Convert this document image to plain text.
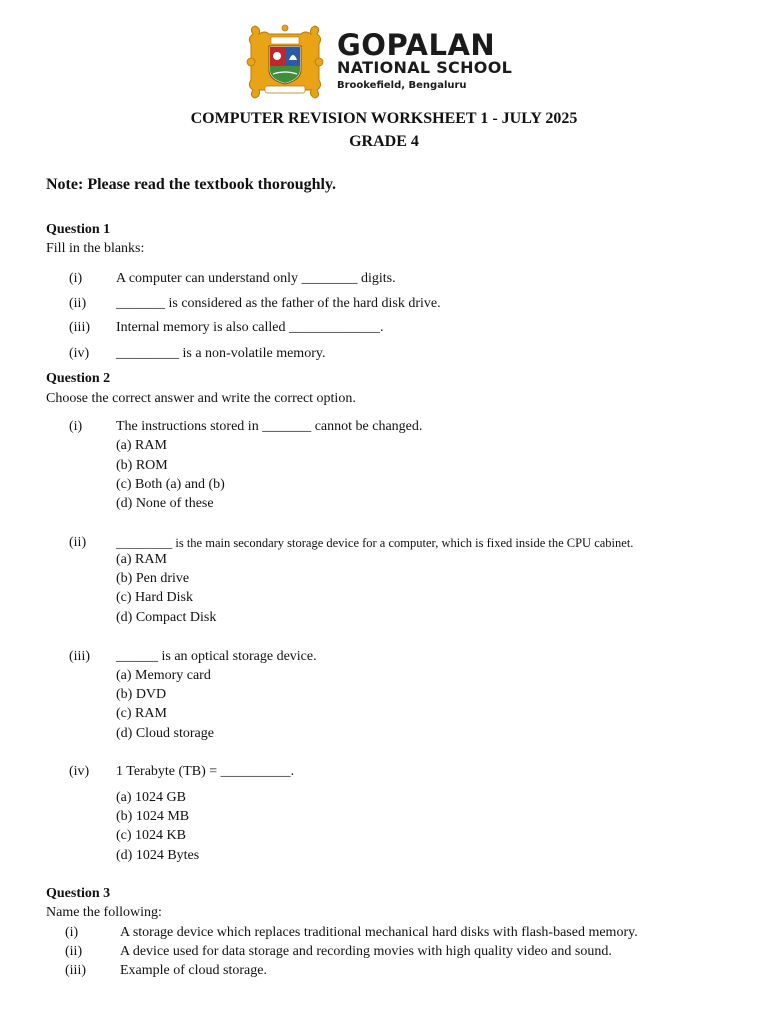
GOPALAN
NATIONAL SCHOOL
Brookefield, Bengaluru
COMPUTER REVISION WORKSHEET 1 - JULY 2025
GRADE 4
Note: Please read the textbook thoroughly.
Question 1
Fill in the blanks:
(i) A computer can understand only ________ digits.
(ii) _______ is considered as the father of the hard disk drive.
(iii) Internal memory is also called _____________.
(iv) _________ is a non-volatile memory.
Question 2
Choose the correct answer and write the correct option.
(i) The instructions stored in _______ cannot be changed.
(a) RAM
(b) ROM
(c) Both (a) and (b)
(d) None of these
(ii) _________ is the main secondary storage device for a computer, which is fixed inside the CPU cabinet.
(a) RAM
(b) Pen drive
(c) Hard Disk
(d) Compact Disk
(iii) ______ is an optical storage device.
(a) Memory card
(b) DVD
(c) RAM
(d) Cloud storage
(iv) 1 Terabyte (TB) = __________.
(a) 1024 GB
(b) 1024 MB
(c) 1024 KB
(d) 1024 Bytes
Question 3
Name the following:
(i)	A storage device which replaces traditional mechanical hard disks with flash-based memory.
(ii)	A device used for data storage and recording movies with high quality video and sound.
(iii) Example of cloud storage.
